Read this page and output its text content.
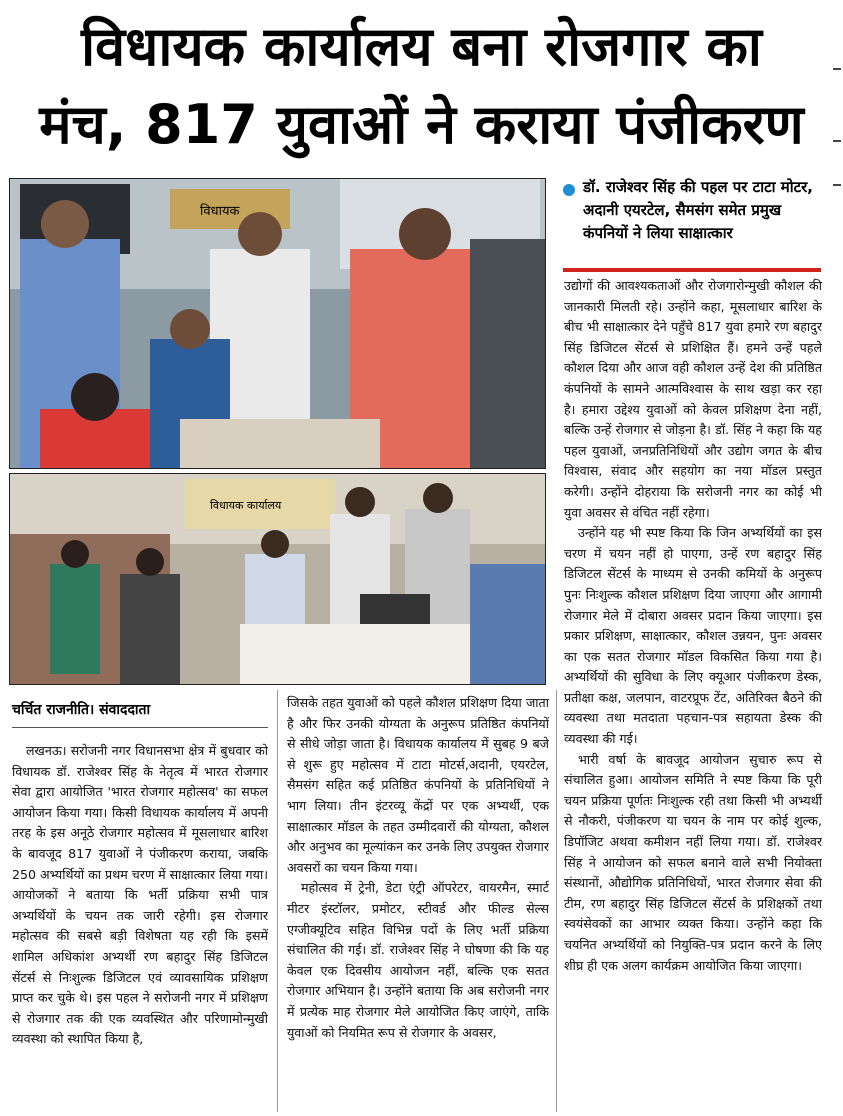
विधायक कार्यालय बना रोजगार का
मंच, 817 युवाओं ने कराया पंजीकरण
विधायक
विधायक कार्यालय
डॉ. राजेश्वर सिंह की पहल पर टाटा मोटर, अदानी एयरटेल, सैमसंग समेत प्रमुख कंपनियों ने लिया साक्षात्कार

उद्योगों की आवश्यकताओं और रोजगारोन्मुखी कौशल की जानकारी मिलती रहे। उन्होंने कहा, मूसलाधार बारिश के बीच भी साक्षात्कार देने पहुँचे 817 युवा हमारे रण बहादुर सिंह डिजिटल सेंटर्स से प्रशिक्षित हैं। हमने उन्हें पहले कौशल दिया और आज वही कौशल उन्हें देश की प्रतिष्ठित कंपनियों के सामने आत्मविश्वास के साथ खड़ा कर रहा है। हमारा उद्देश्य युवाओं को केवल प्रशिक्षण देना नहीं, बल्कि उन्हें रोजगार से जोड़ना है। डॉ. सिंह ने कहा कि यह पहल युवाओं, जनप्रतिनिधियों और उद्योग जगत के बीच विश्वास, संवाद और सहयोग का नया मॉडल प्रस्तुत करेगी। उन्होंने दोहराया कि सरोजनी नगर का कोई भी युवा अवसर से वंचित नहीं रहेगा।

उन्होंने यह भी स्पष्ट किया कि जिन अभ्यर्थियों का इस चरण में चयन नहीं हो पाएगा, उन्हें रण बहादुर सिंह डिजिटल सेंटर्स के माध्यम से उनकी कमियों के अनुरूप पुनः निःशुल्क कौशल प्रशिक्षण दिया जाएगा और आगामी रोजगार मेले में दोबारा अवसर प्रदान किया जाएगा। इस प्रकार प्रशिक्षण, साक्षात्कार, कौशल उन्नयन, पुनः अवसर का एक सतत रोजगार मॉडल विकसित किया गया है। अभ्यर्थियों की सुविधा के लिए क्यूआर पंजीकरण डेस्क, प्रतीक्षा कक्ष, जलपान, वाटरप्रूफ टेंट, अतिरिक्त बैठने की व्यवस्था तथा मतदाता पहचान-पत्र सहायता डेस्क की व्यवस्था की गई।

भारी वर्षा के बावजूद आयोजन सुचारु रूप से संचालित हुआ। आयोजन समिति ने स्पष्ट किया कि पूरी चयन प्रक्रिया पूर्णतः निःशुल्क रही तथा किसी भी अभ्यर्थी से नौकरी, पंजीकरण या चयन के नाम पर कोई शुल्क, डिपॉजिट अथवा कमीशन नहीं लिया गया। डॉ. राजेश्वर सिंह ने आयोजन को सफल बनाने वाले सभी नियोक्ता संस्थानों, औद्योगिक प्रतिनिधियों, भारत रोजगार सेवा की टीम, रण बहादुर सिंह डिजिटल सेंटर्स के प्रशिक्षकों तथा स्वयंसेवकों का आभार व्यक्त किया। उन्होंने कहा कि चयनित अभ्यर्थियों को नियुक्ति-पत्र प्रदान करने के लिए शीघ्र ही एक अलग कार्यक्रम आयोजित किया जाएगा।

चर्चित राजनीति। संवाददाता

लखनऊ। सरोजनी नगर विधानसभा क्षेत्र में बुधवार को विधायक डॉ. राजेश्वर सिंह के नेतृत्व में भारत रोजगार सेवा द्वारा आयोजित 'भारत रोजगार महोत्सव' का सफल आयोजन किया गया। किसी विधायक कार्यालय में अपनी तरह के इस अनूठे रोजगार महोत्सव में मूसलाधार बारिश के बावजूद 817 युवाओं ने पंजीकरण कराया, जबकि 250 अभ्यर्थियों का प्रथम चरण में साक्षात्कार लिया गया। आयोजकों ने बताया कि भर्ती प्रक्रिया सभी पात्र अभ्यर्थियों के चयन तक जारी रहेगी। इस रोजगार महोत्सव की सबसे बड़ी विशेषता यह रही कि इसमें शामिल अधिकांश अभ्यर्थी रण बहादुर सिंह डिजिटल सेंटर्स से निःशुल्क डिजिटल एवं व्यावसायिक प्रशिक्षण प्राप्त कर चुके थे। इस पहल ने सरोजनी नगर में प्रशिक्षण से रोजगार तक की एक व्यवस्थित और परिणामोन्मुखी व्यवस्था को स्थापित किया है,

जिसके तहत युवाओं को पहले कौशल प्रशिक्षण दिया जाता है और फिर उनकी योग्यता के अनुरूप प्रतिष्ठित कंपनियों से सीधे जोड़ा जाता है। विधायक कार्यालय में सुबह 9 बजे से शुरू हुए महोत्सव में टाटा मोटर्स,अदानी, एयरटेल, सैमसंग सहित कई प्रतिष्ठित कंपनियों के प्रतिनिधियों ने भाग लिया। तीन इंटरव्यू केंद्रों पर एक अभ्यर्थी, एक साक्षात्कार मॉडल के तहत उम्मीदवारों की योग्यता, कौशल और अनुभव का मूल्यांकन कर उनके लिए उपयुक्त रोजगार अवसरों का चयन किया गया।

महोत्सव में ट्रेनी, डेटा एंट्री ऑपरेटर, वायरमैन, स्मार्ट मीटर इंस्टॉलर, प्रमोटर, स्टीवर्ड और फील्ड सेल्स एग्जीक्यूटिव सहित विभिन्न पदों के लिए भर्ती प्रक्रिया संचालित की गई। डॉ. राजेश्वर सिंह ने घोषणा की कि यह केवल एक दिवसीय आयोजन नहीं, बल्कि एक सतत रोजगार अभियान है। उन्होंने बताया कि अब सरोजनी नगर में प्रत्येक माह रोजगार मेले आयोजित किए जाएंगे, ताकि युवाओं को नियमित रूप से रोजगार के अवसर,
